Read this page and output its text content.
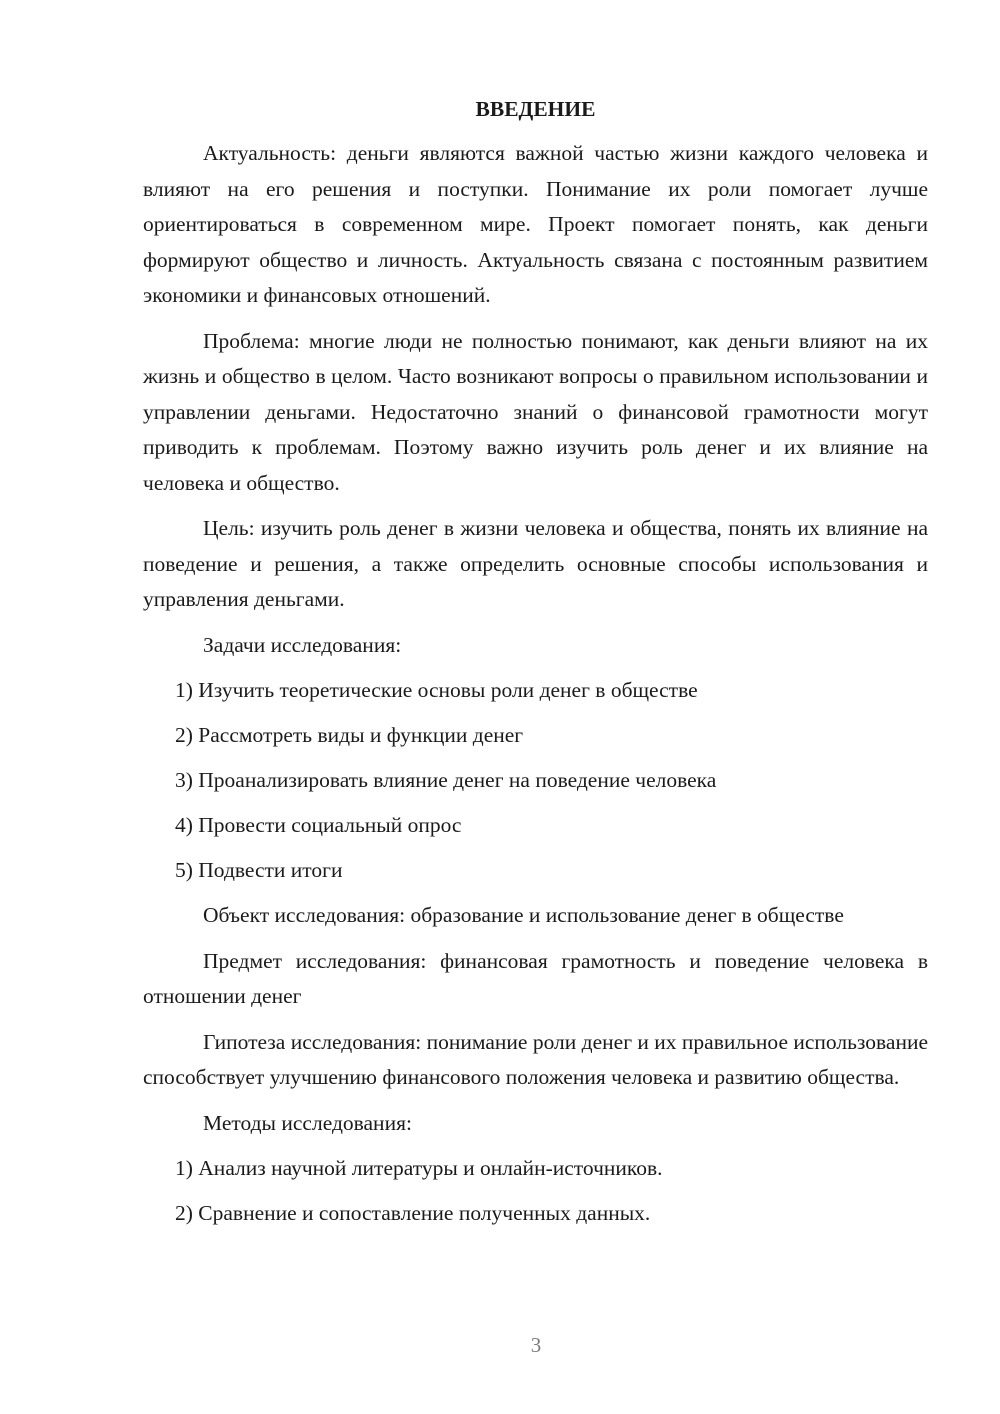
ВВЕДЕНИЕ

Актуальность: деньги являются важной частью жизни каждого человека и влияют на его решения и поступки. Понимание их роли помогает лучше ориентироваться в современном мире. Проект помогает понять, как деньги формируют общество и личность. Актуальность связана с постоянным развитием экономики и финансовых отношений.

Проблема: многие люди не полностью понимают, как деньги влияют на их жизнь и общество в целом. Часто возникают вопросы о правильном использовании и управлении деньгами. Недостаточно знаний о финансовой грамотности могут приводить к проблемам. Поэтому важно изучить роль денег и их влияние на человека и общество.

Цель: изучить роль денег в жизни человека и общества, понять их влияние на поведение и решения, а также определить основные способы использования и управления деньгами.

Задачи исследования:

1) Изучить теоретические основы роли денег в обществе

2) Рассмотреть виды и функции денег

3) Проанализировать влияние денег на поведение человека

4) Провести социальный опрос

5) Подвести итоги

Объект исследования: образование и использование денег в обществе

Предмет исследования: финансовая грамотность и поведение человека в отношении денег

Гипотеза исследования: понимание роли денег и их правильное использование способствует улучшению финансового положения человека и развитию общества.

Методы исследования:

1) Анализ научной литературы и онлайн-источников.

2) Сравнение и сопоставление полученных данных.

3
